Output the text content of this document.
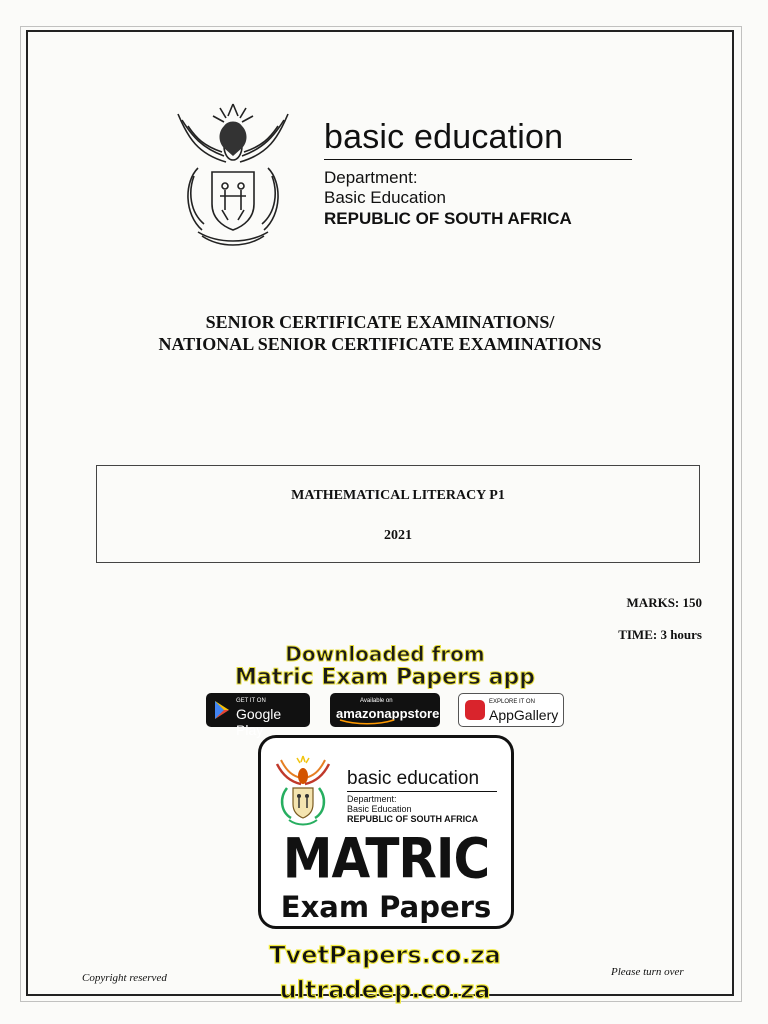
basic education
Department:
Basic Education
REPUBLIC OF SOUTH AFRICA
SENIOR CERTIFICATE EXAMINATIONS/
NATIONAL SENIOR CERTIFICATE EXAMINATIONS
MATHEMATICAL LITERACY P1
2021
MARKS: 150
TIME: 3 hours
Downloaded from
Matric Exam Papers app
GET IT ON
Google Play
Available on
amazonappstore
EXPLORE IT ON
AppGallery
basic education
Department:
Basic Education
REPUBLIC OF SOUTH AFRICA
MATRIC
Exam Papers
Copyright reserved	Please turn over
TvetPapers.co.za
ultradeep.co.za
